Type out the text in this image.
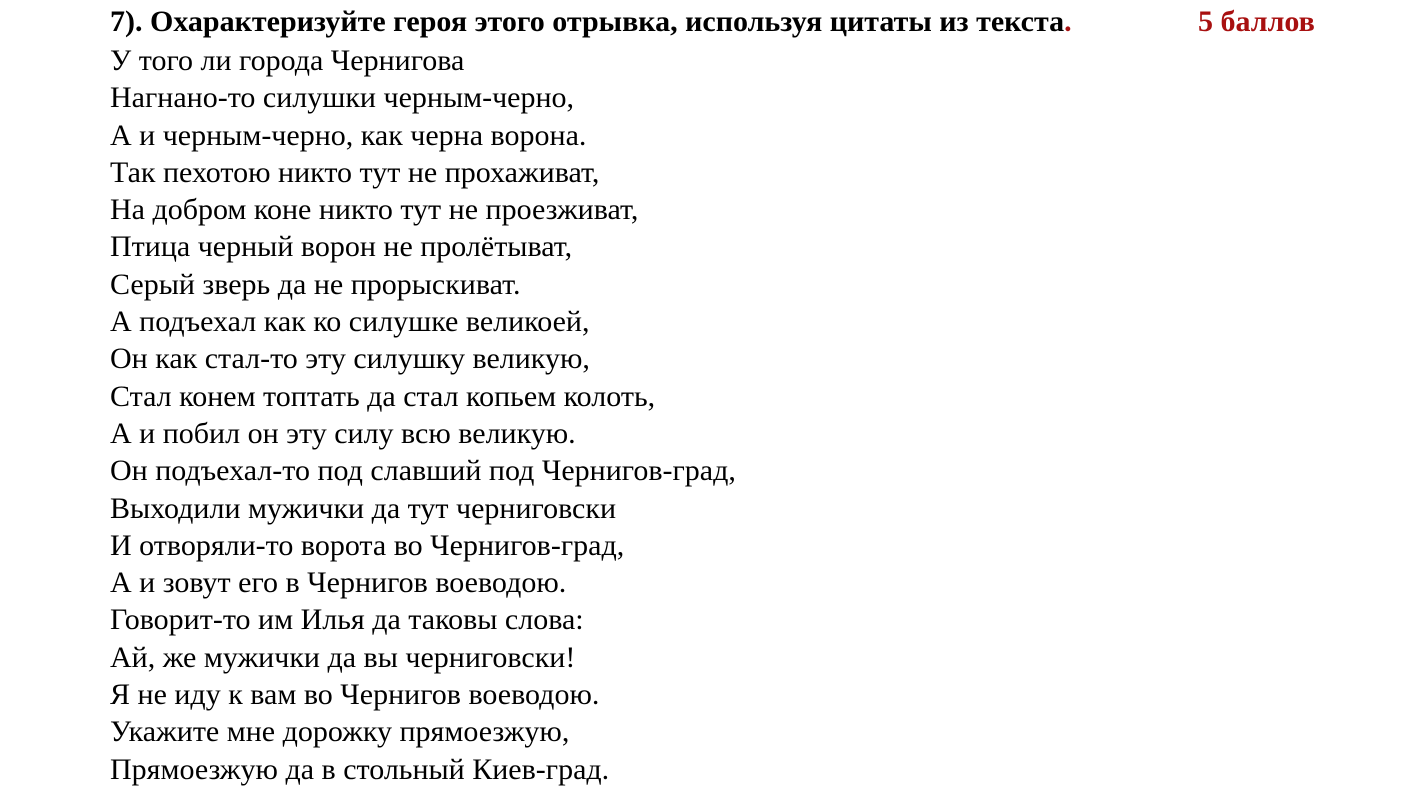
7). Охарактеризуйте героя этого отрывка, используя цитаты из текста.	5 баллов
У того ли города Чернигова
Нагнано-то силушки черным-черно,
А и черным-черно, как черна ворона.
Так пехотою никто тут не прохаживат,
На добром коне никто тут не проезживат,
Птица черный ворон не пролётыват,
Серый зверь да не прорыскиват.
А подъехал как ко силушке великоей,
Он как стал-то эту силушку великую,
Стал конем топтать да стал копьем колоть,
А и побил он эту силу всю великую.
Он подъехал-то под славший под Чернигов-град,
Выходили мужички да тут черниговски
И отворяли-то ворота во Чернигов-град,
А и зовут его в Чернигов воеводою.
Говорит-то им Илья да таковы слова:
Ай, же мужички да вы черниговски!
Я не иду к вам во Чернигов воеводою.
Укажите мне дорожку прямоезжую,
Прямоезжую да в стольный Киев-град.
